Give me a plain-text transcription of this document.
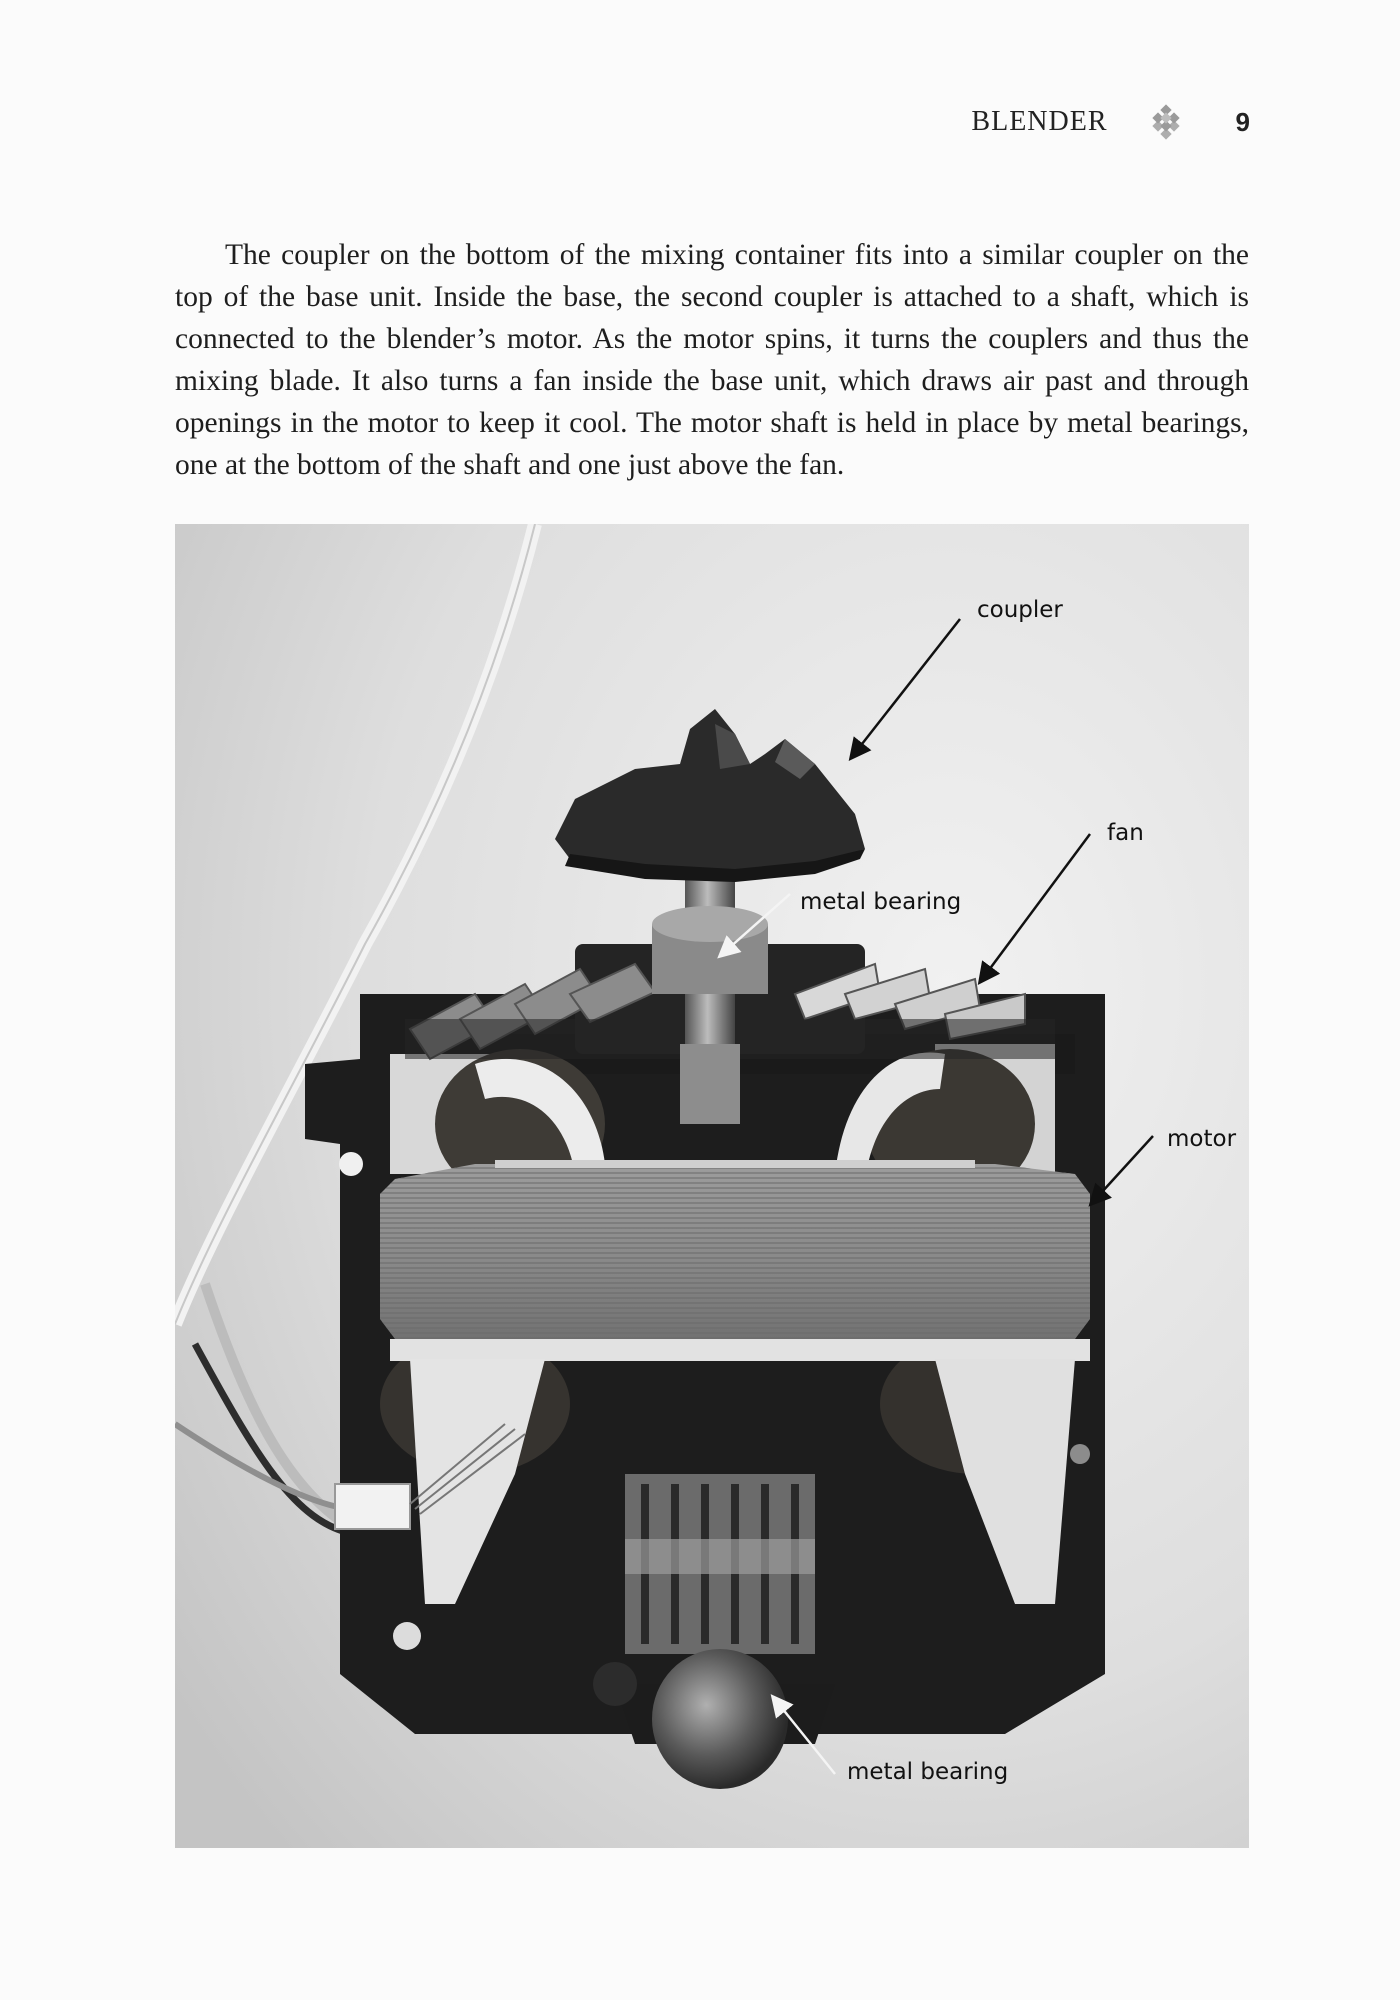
BLENDER	9

The coupler on the bottom of the mixing container fits into a similar coupler on the top of the base unit. Inside the base, the second coupler is attached to a shaft, which is connected to the blender’s motor. As the motor spins, it turns the couplers and thus the mixing blade. It also turns a fan inside the base unit, which draws air past and through openings in the motor to keep it cool. The motor shaft is held in place by metal bearings, one at the bottom of the shaft and one just above the fan.

coupler
fan
metal bearing
motor
metal bearing
